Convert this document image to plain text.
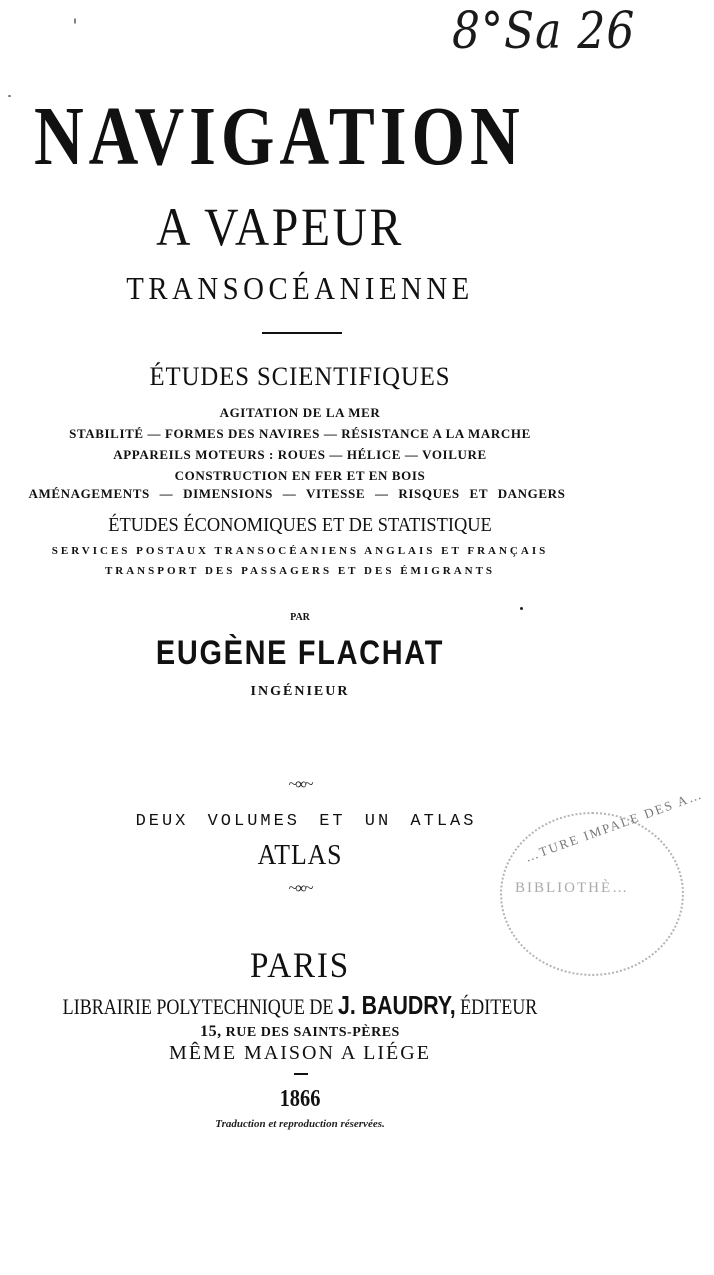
8°Sa 26
NAVIGATION
A VAPEUR
TRANSOCÉANIENNE
ÉTUDES SCIENTIFIQUES
AGITATION DE LA MER
STABILITÉ — FORMES DES NAVIRES — RÉSISTANCE A LA MARCHE
APPAREILS MOTEURS : ROUES — HÉLICE — VOILURE
CONSTRUCTION EN FER ET EN BOIS
AMÉNAGEMENTS — DIMENSIONS — VITESSE — RISQUES ET DANGERS
ÉTUDES ÉCONOMIQUES ET DE STATISTIQUE
SERVICES POSTAUX TRANSOCÉANIENS ANGLAIS ET FRANÇAIS
TRANSPORT DES PASSAGERS ET DES ÉMIGRANTS
PAR
EUGÈNE FLACHAT
INGÉNIEUR
~∞~
DEUX VOLUMES ET UN ATLAS
ATLAS
~∞~
…TURE IMPALE DES A…
BIBLIOTHÈ…
PARIS
LIBRAIRIE POLYTECHNIQUE DE J. BAUDRY, ÉDITEUR
15, RUE DES SAINTS-PÈRES
MÊME MAISON A LIÉGE
1866
Traduction et reproduction réservées.
